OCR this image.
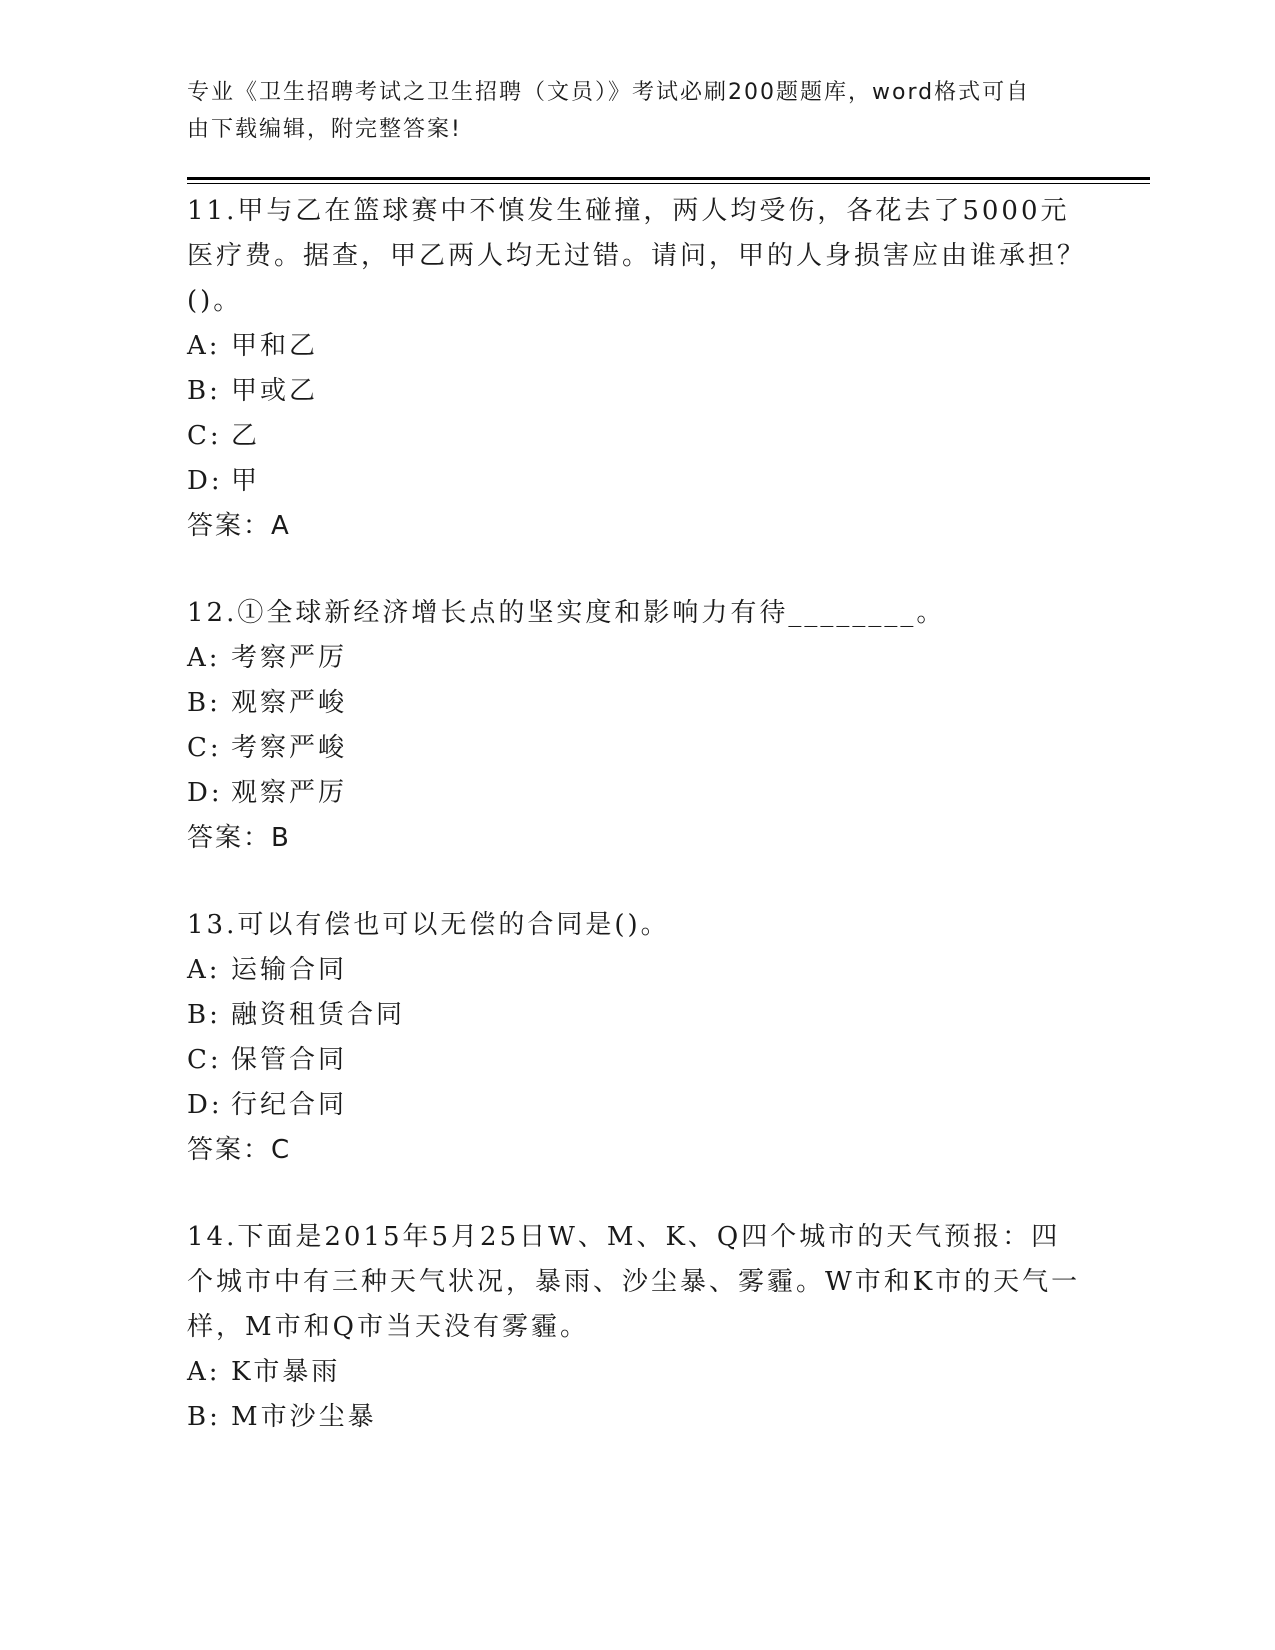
专业《卫生招聘考试之卫生招聘（文员）》考试必刷200题题库，word格式可自
由下载编辑，附完整答案!
11.甲与乙在篮球赛中不慎发生碰撞，两人均受伤，各花去了5000元医疗费。据查，甲乙两人均无过错。请问，甲的人身损害应由谁承担？()。
A: 甲和乙
B: 甲或乙
C: 乙
D: 甲
答案：A
12.①全球新经济增长点的坚实度和影响力有待________。
A: 考察严厉
B: 观察严峻
C: 考察严峻
D: 观察严厉
答案：B
13.可以有偿也可以无偿的合同是()。
A: 运输合同
B: 融资租赁合同
C: 保管合同
D: 行纪合同
答案：C
14.下面是2015年5月25日W、M、K、Q四个城市的天气预报：四个城市中有三种天气状况，暴雨、沙尘暴、雾霾。W市和K市的天气一样，M市和Q市当天没有雾霾。
A: K市暴雨
B: M市沙尘暴
